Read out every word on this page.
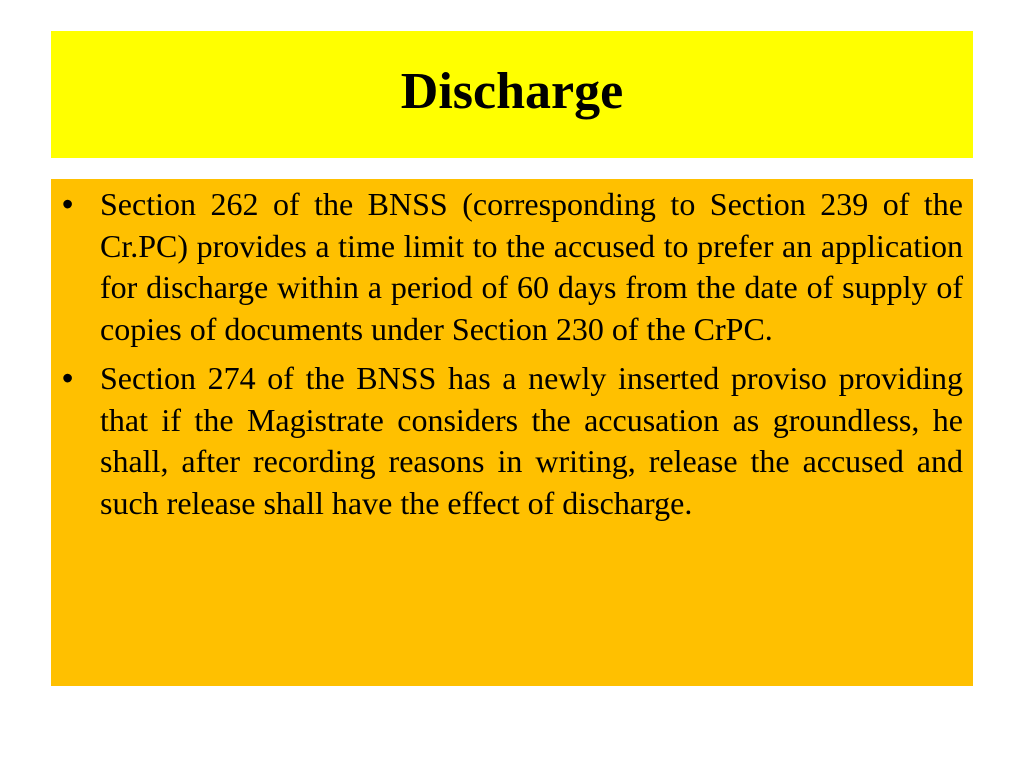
Discharge
• Section 262 of the BNSS (corresponding to Section 239 of the Cr.PC) provides a time limit to the accused to prefer an application for discharge within a period of 60 days from the date of supply of copies of documents under Section 230 of the CrPC.
• Section 274 of the BNSS has a newly inserted proviso providing that if the Magistrate considers the accusation as groundless, he shall, after recording reasons in writing, release the accused and such release shall have the effect of discharge.
